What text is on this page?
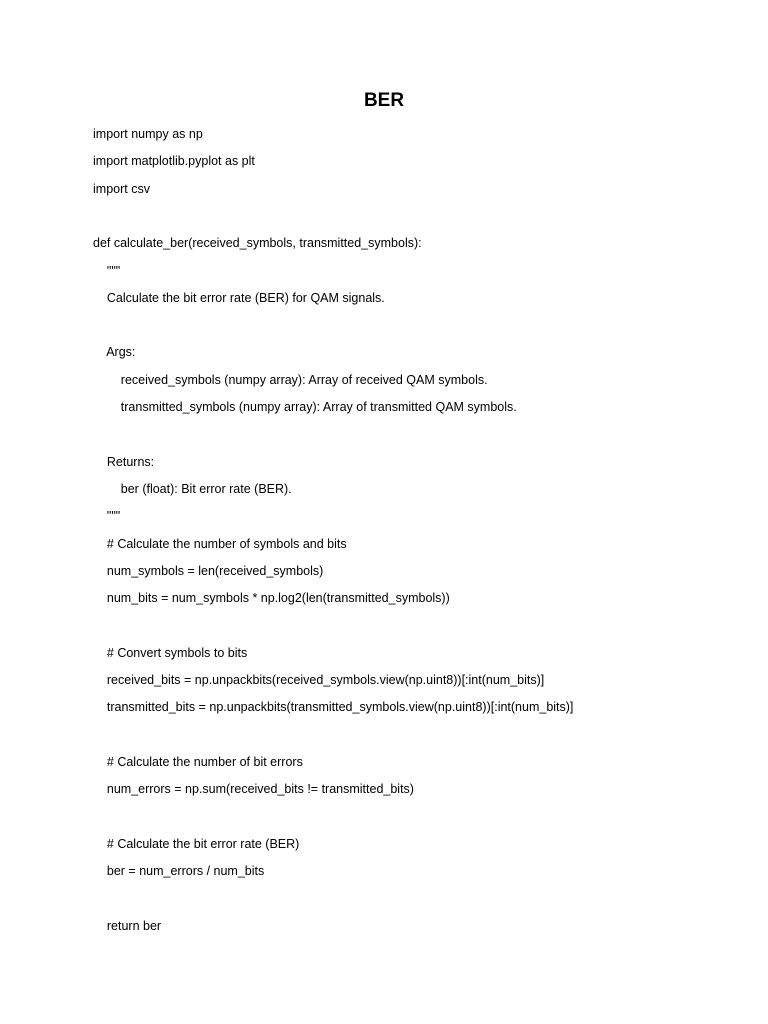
BER
import numpy as np
import matplotlib.pyplot as plt
import csv
def calculate_ber(received_symbols, transmitted_symbols):
"""
Calculate the bit error rate (BER) for QAM signals.
Args:
received_symbols (numpy array): Array of received QAM symbols.
transmitted_symbols (numpy array): Array of transmitted QAM symbols.
Returns:
ber (float): Bit error rate (BER).
"""
# Calculate the number of symbols and bits
num_symbols = len(received_symbols)
num_bits = num_symbols * np.log2(len(transmitted_symbols))
# Convert symbols to bits
received_bits = np.unpackbits(received_symbols.view(np.uint8))[:int(num_bits)]
transmitted_bits = np.unpackbits(transmitted_symbols.view(np.uint8))[:int(num_bits)]
# Calculate the number of bit errors
num_errors = np.sum(received_bits != transmitted_bits)
# Calculate the bit error rate (BER)
ber = num_errors / num_bits
return ber
